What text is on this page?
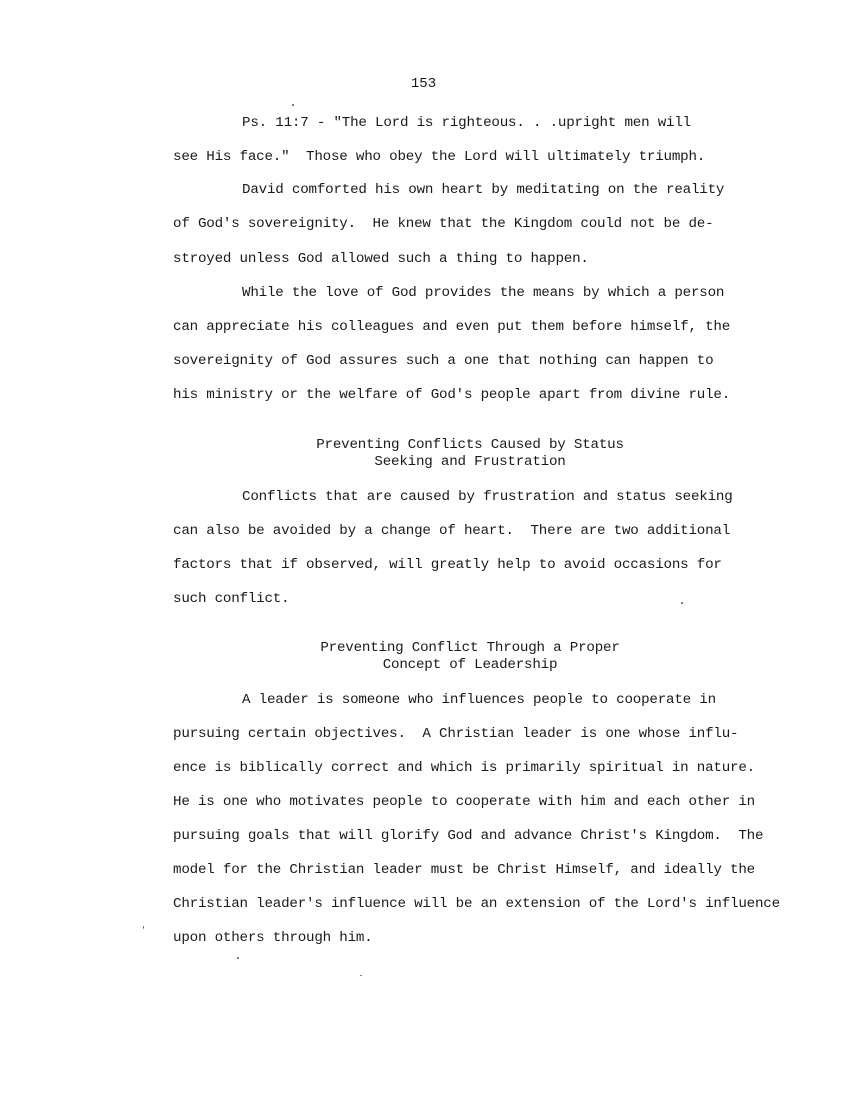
153
Ps. 11:7 - "The Lord is righteous. . .upright men will
see His face."  Those who obey the Lord will ultimately triumph.
David comforted his own heart by meditating on the reality
of God's sovereignity.  He knew that the Kingdom could not be de-
stroyed unless God allowed such a thing to happen.
While the love of God provides the means by which a person
can appreciate his colleagues and even put them before himself, the
sovereignity of God assures such a one that nothing can happen to
his ministry or the welfare of God's people apart from divine rule.
Preventing Conflicts Caused by Status
Seeking and Frustration
Conflicts that are caused by frustration and status seeking
can also be avoided by a change of heart.  There are two additional
factors that if observed, will greatly help to avoid occasions for
such conflict.
Preventing Conflict Through a Proper
Concept of Leadership
A leader is someone who influences people to cooperate in
pursuing certain objectives.  A Christian leader is one whose influ-
ence is biblically correct and which is primarily spiritual in nature.
He is one who motivates people to cooperate with him and each other in
pursuing goals that will glorify God and advance Christ's Kingdom.  The
model for the Christian leader must be Christ Himself, and ideally the
Christian leader's influence will be an extension of the Lord's influence
upon others through him.
